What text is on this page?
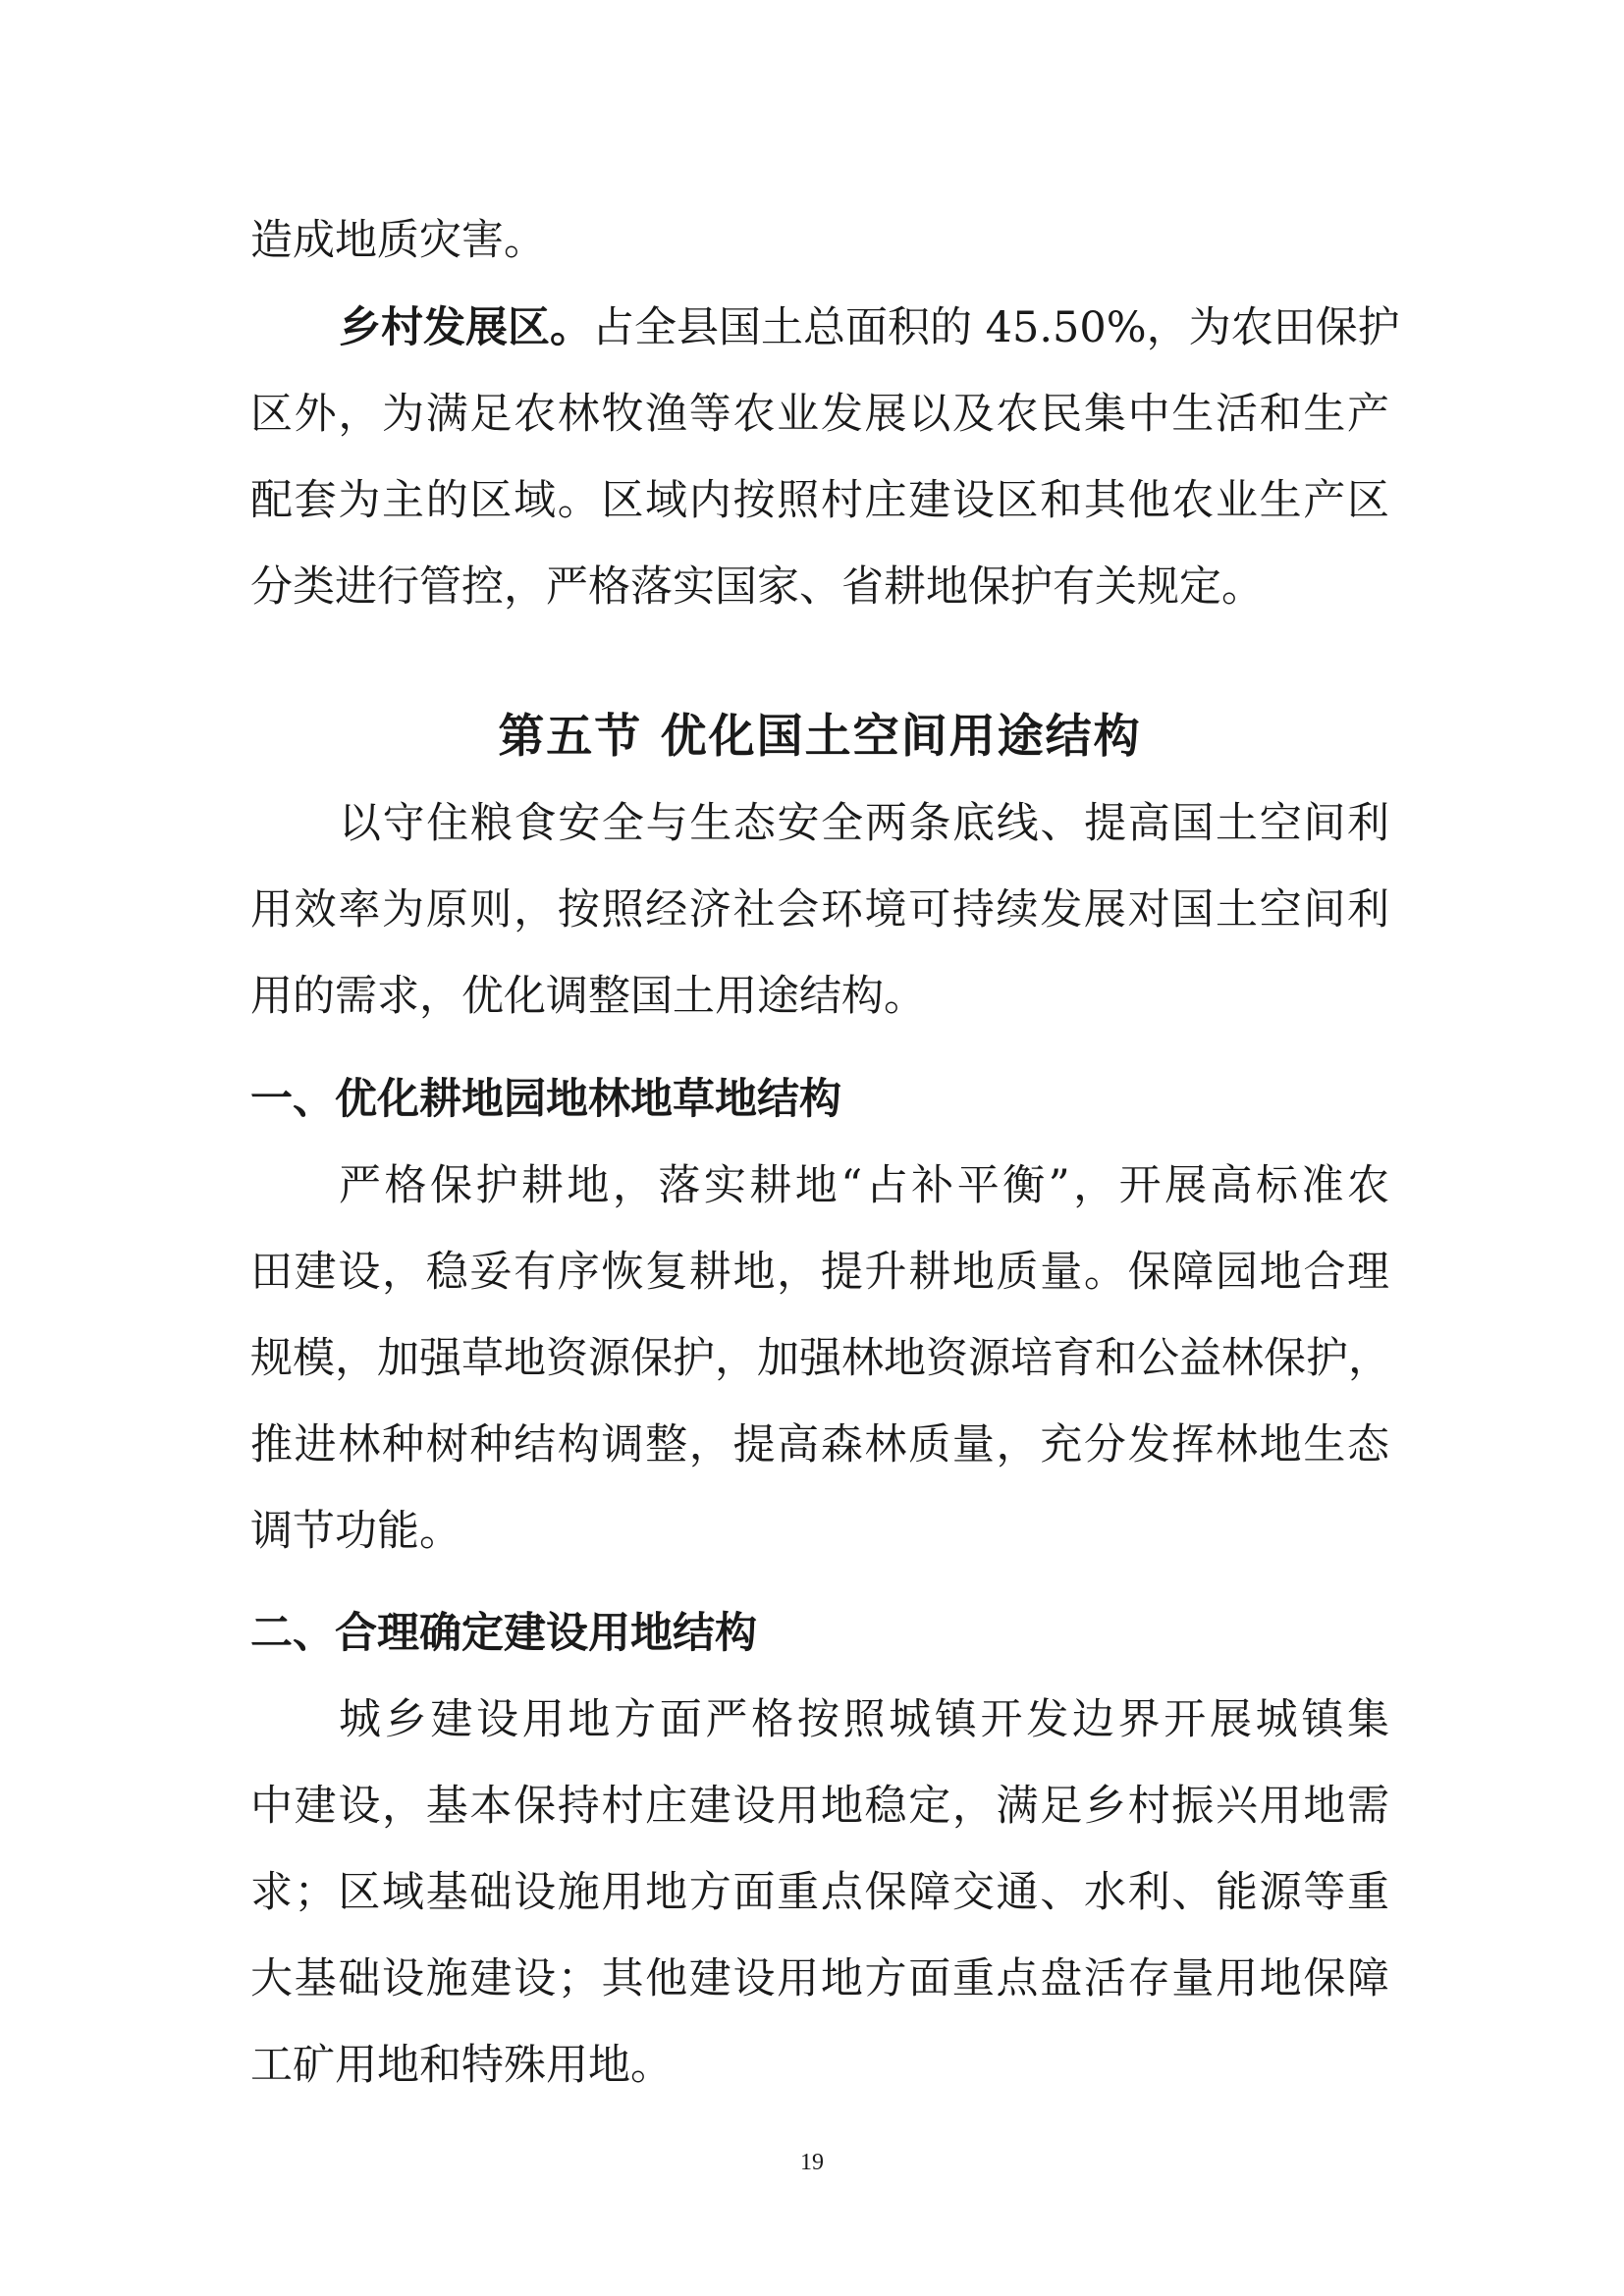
造成地质灾害。
乡村发展区。占全县国土总面积的 45.50%，为农田保护
区外，为满足农林牧渔等农业发展以及农民集中生活和生产
配套为主的区域。区域内按照村庄建设区和其他农业生产区
分类进行管控，严格落实国家、省耕地保护有关规定。
第五节 优化国土空间用途结构
以守住粮食安全与生态安全两条底线、提高国土空间利
用效率为原则，按照经济社会环境可持续发展对国土空间利
用的需求，优化调整国土用途结构。
一、优化耕地园地林地草地结构
严格保护耕地，落实耕地“占补平衡”，开展高标准农
田建设，稳妥有序恢复耕地，提升耕地质量。保障园地合理
规模，加强草地资源保护，加强林地资源培育和公益林保护，
推进林种树种结构调整，提高森林质量，充分发挥林地生态
调节功能。
二、合理确定建设用地结构
城乡建设用地方面严格按照城镇开发边界开展城镇集
中建设，基本保持村庄建设用地稳定，满足乡村振兴用地需
求；区域基础设施用地方面重点保障交通、水利、能源等重
大基础设施建设；其他建设用地方面重点盘活存量用地保障
工矿用地和特殊用地。
19
